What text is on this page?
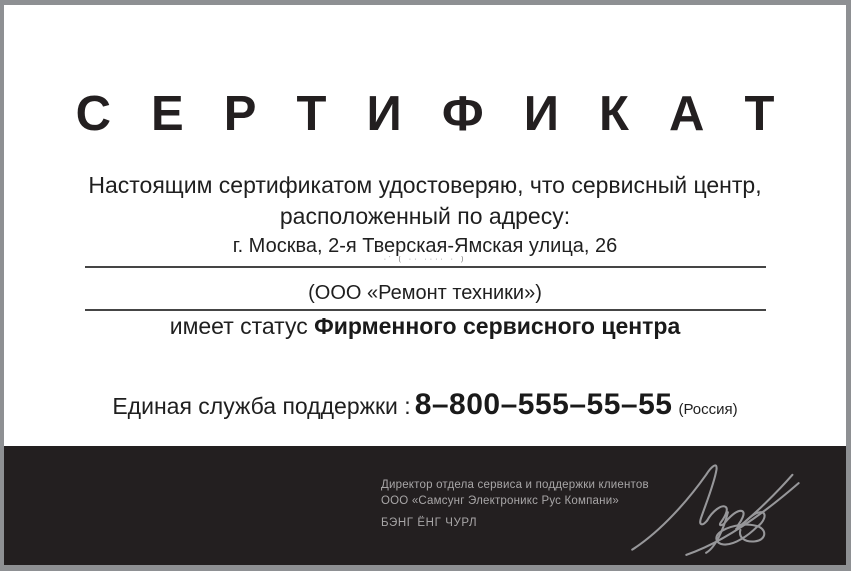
С Е Р Т И Ф И К А Т
Настоящим сертификатом удостоверяю, что сервисный центр,
расположенный по адресу:
г. Москва, 2-я Тверская-Ямская улица, 26
·ʼ ( ·· ···· · )
(ООО «Ремонт техники»)
имеет статус Фирменного сервисного центра
Единая служба поддержки : 8–800–555–55–55 (Россия)
Директор отдела сервиса и поддержки клиентов
ООО «Самсунг Электроникс Рус Компани»
БЭНГ ЁНГ ЧУРЛ
